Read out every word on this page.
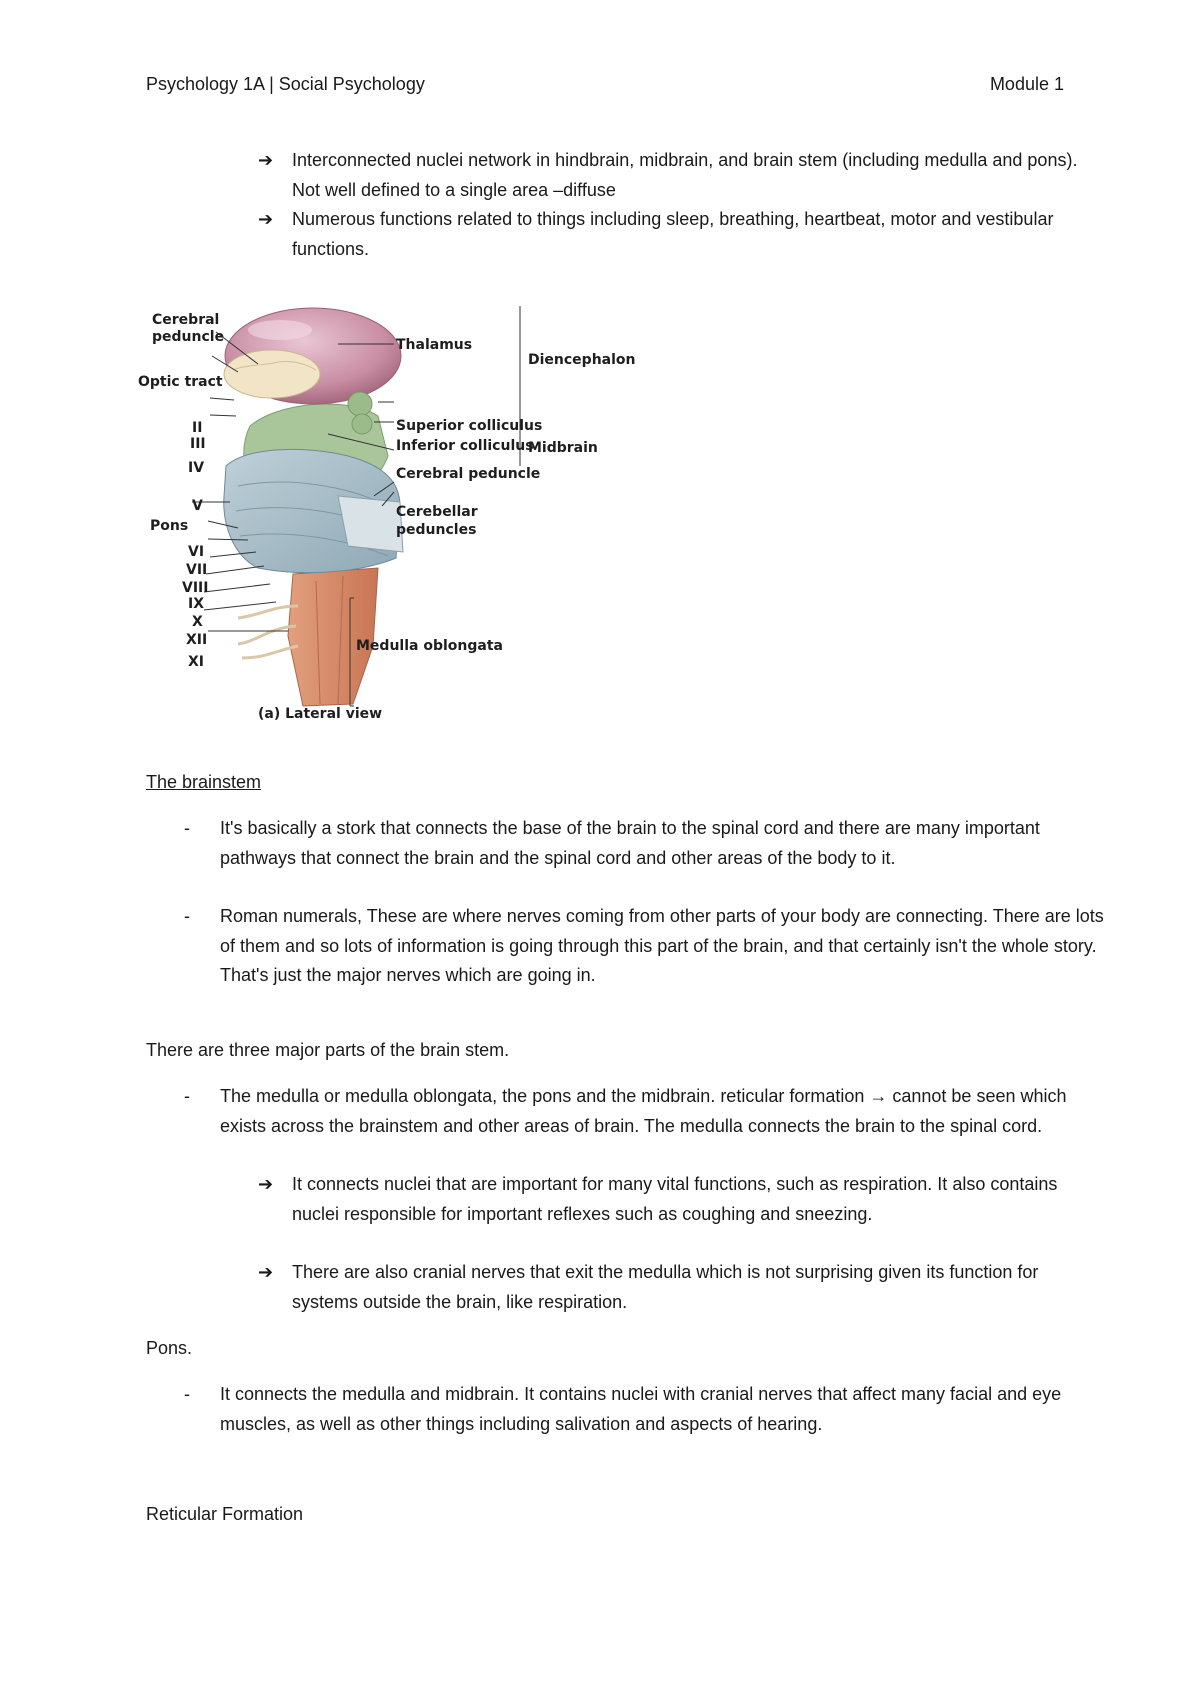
Psychology 1A | Social Psychology	Module 1
➔ Interconnected nuclei network in hindbrain, midbrain, and brain stem (including medulla and pons). Not well defined to a single area –diffuse
➔ Numerous functions related to things including sleep, breathing, heartbeat, motor and vestibular functions.
Cerebral
peduncle
Optic tract
Thalamus
Diencephalon
Superior colliculus
Inferior colliculus
Midbrain
Cerebral peduncle
Cerebellar
peduncles
Pons
Medulla oblongata
(a) Lateral view
II
III
IV
V
VI
VII
VIII
IX
X
XII
XI
The brainstem
- It's basically a stork that connects the base of the brain to the spinal cord and there are many important pathways that connect the brain and the spinal cord and other areas of the body to it.
- Roman numerals, These are where nerves coming from other parts of your body are connecting. There are lots of them and so lots of information is going through this part of the brain, and that certainly isn't the whole story. That's just the major nerves which are going in.
There are three major parts of the brain stem.
- The medulla or medulla oblongata, the pons and the midbrain. reticular formation → cannot be seen which exists across the brainstem and other areas of brain. The medulla connects the brain to the spinal cord.
➔ It connects nuclei that are important for many vital functions, such as respiration. It also contains nuclei responsible for important reflexes such as coughing and sneezing.
➔ There are also cranial nerves that exit the medulla which is not surprising given its function for systems outside the brain, like respiration.
Pons.
- It connects the medulla and midbrain. It contains nuclei with cranial nerves that affect many facial and eye muscles, as well as other things including salivation and aspects of hearing.
Reticular Formation
